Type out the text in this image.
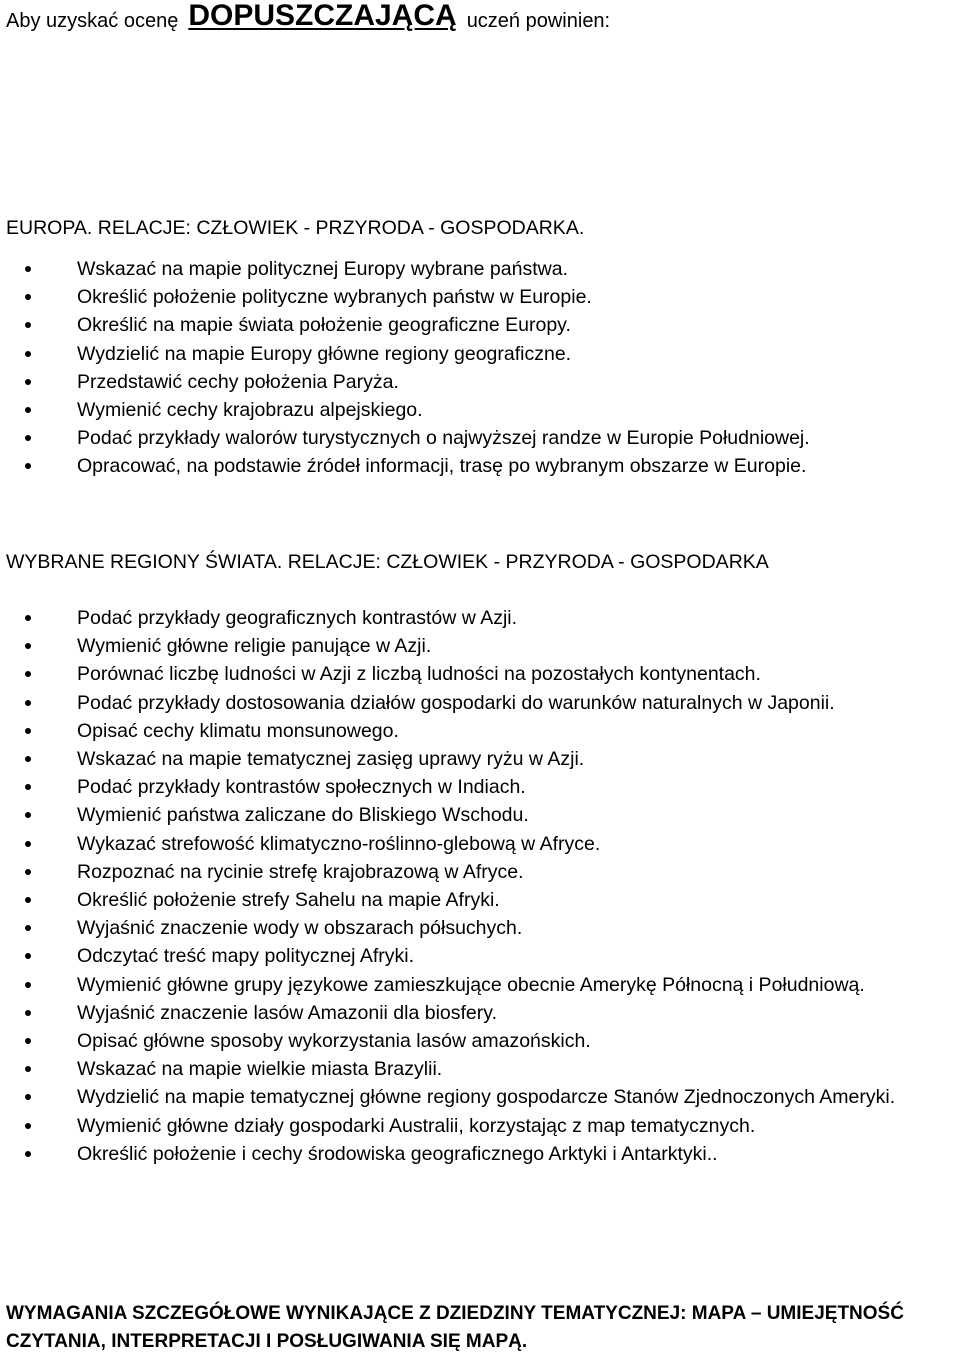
Aby uzyskać ocenę DOPUSZCZAJĄCĄ uczeń powinien:
EUROPA. RELACJE: CZŁOWIEK - PRZYRODA - GOSPODARKA.
Wskazać na mapie politycznej Europy wybrane państwa.
Określić położenie polityczne wybranych państw w Europie.
Określić na mapie świata położenie geograficzne Europy.
Wydzielić na mapie Europy główne regiony geograficzne.
Przedstawić cechy położenia Paryża.
Wymienić cechy krajobrazu alpejskiego.
Podać przykłady walorów turystycznych o najwyższej randze w Europie Południowej.
Opracować, na podstawie źródeł informacji, trasę po wybranym obszarze w Europie.
WYBRANE REGIONY ŚWIATA. RELACJE: CZŁOWIEK - PRZYRODA - GOSPODARKA
Podać przykłady geograficznych kontrastów w Azji.
Wymienić główne religie panujące w Azji.
Porównać liczbę ludności w Azji z liczbą ludności na pozostałych kontynentach.
Podać przykłady dostosowania działów gospodarki do warunków naturalnych w Japonii.
Opisać cechy klimatu monsunowego.
Wskazać na mapie tematycznej zasięg uprawy ryżu w Azji.
Podać przykłady kontrastów społecznych w Indiach.
Wymienić państwa zaliczane do Bliskiego Wschodu.
Wykazać strefowość klimatyczno-roślinno-glebową w Afryce.
Rozpoznać na rycinie strefę krajobrazową w Afryce.
Określić położenie strefy Sahelu na mapie Afryki.
Wyjaśnić znaczenie wody w obszarach półsuchych.
Odczytać treść mapy politycznej Afryki.
Wymienić główne grupy językowe zamieszkujące obecnie Amerykę Północną i Południową.
Wyjaśnić znaczenie lasów Amazonii dla biosfery.
Opisać główne sposoby wykorzystania lasów amazońskich.
Wskazać na mapie wielkie miasta Brazylii.
Wydzielić na mapie tematycznej główne regiony gospodarcze Stanów Zjednoczonych Ameryki.
Wymienić główne działy gospodarki Australii, korzystając z map tematycznych.
Określić położenie i cechy środowiska geograficznego Arktyki i Antarktyki..
WYMAGANIA SZCZEGÓŁOWE WYNIKAJĄCE Z DZIEDZINY TEMATYCZNEJ: MAPA – UMIEJĘTNOŚĆ CZYTANIA, INTERPRETACJI I POSŁUGIWANIA SIĘ MAPĄ.
